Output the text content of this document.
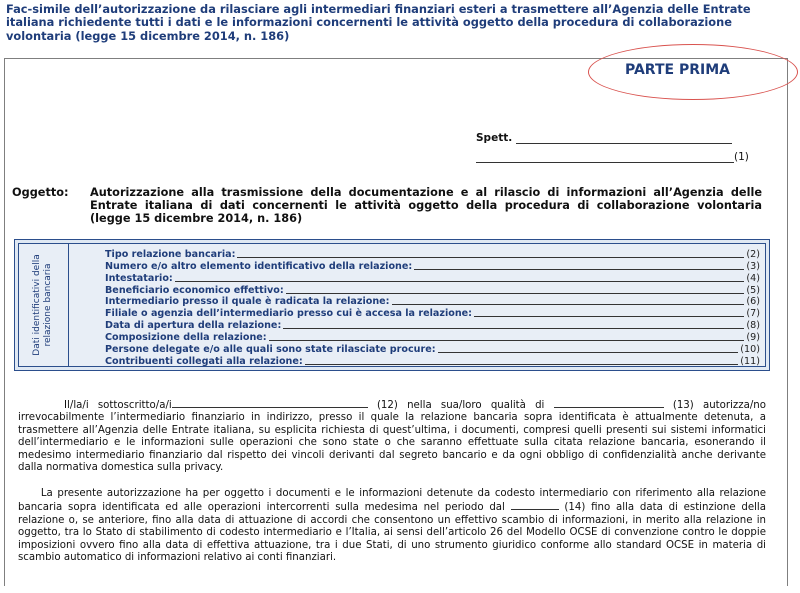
Fac-simile dell’autorizzazione da rilasciare agli intermediari finanziari esteri a trasmettere all’Agenzia delle Entrate italiana richiedente tutti i dati e le informazioni concernenti le attività oggetto della procedura di collaborazione volontaria (legge 15 dicembre 2014, n. 186)
PARTE PRIMA
Spett.
(1)
Oggetto:	Autorizzazione alla trasmissione della documentazione e al rilascio di informazioni all’Agenzia delle Entrate italiana di dati concernenti le attività oggetto della procedura di collaborazione volontaria (legge 15 dicembre 2014, n. 186)
Dati identificativi della relazione bancaria
Tipo relazione bancaria:	(2)
Numero e/o altro elemento identificativo della relazione:	(3)
Intestatario:	(4)
Beneficiario economico effettivo:	(5)
Intermediario presso il quale è radicata la relazione:	(6)
Filiale o agenzia dell’intermediario presso cui è accesa la relazione:	(7)
Data di apertura della relazione:	(8)
Composizione della relazione:	(9)
Persone delegate e/o alle quali sono state rilasciate procure:	(10)
Contribuenti collegati alla relazione:	(11)
Il/la/i sottoscritto/a/i	(12) nella sua/loro qualità di	(13) autorizza/no irrevocabilmente l’intermediario finanziario in indirizzo, presso il quale la relazione bancaria sopra identificata è attualmente detenuta, a trasmettere all’Agenzia delle Entrate italiana, su esplicita richiesta di quest’ultima, i documenti, compresi quelli presenti sui sistemi informatici dell’intermediario e le informazioni sulle operazioni che sono state o che saranno effettuate sulla citata relazione bancaria, esonerando il medesimo intermediario finanziario dal rispetto dei vincoli derivanti dal segreto bancario e da ogni obbligo di confidenzialità anche derivante dalla normativa domestica sulla privacy.
La presente autorizzazione ha per oggetto i documenti e le informazioni detenute da codesto intermediario con riferimento alla relazione bancaria sopra identificata ed alle operazioni intercorrenti sulla medesima nel periodo dal	(14) fino alla data di estinzione della relazione o, se anteriore, fino alla data di attuazione di accordi che consentono un effettivo scambio di informazioni, in merito alla relazione in oggetto, tra lo Stato di stabilimento di codesto intermediario e l’Italia, ai sensi dell’articolo 26 del Modello OCSE di convenzione contro le doppie imposizioni ovvero fino alla data di effettiva attuazione, tra i due Stati, di uno strumento giuridico conforme allo standard OCSE in materia di scambio automatico di informazioni relativo ai conti finanziari.
